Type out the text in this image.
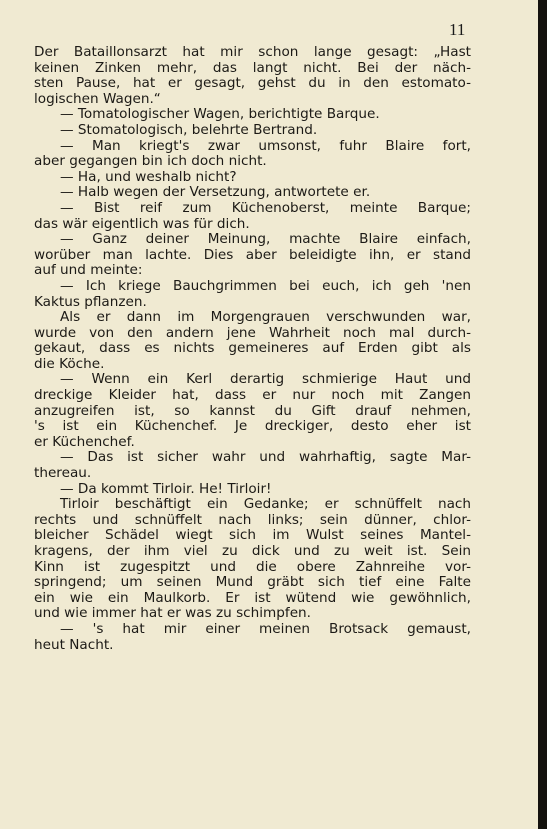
11
Der Bataillonsarzt hat mir schon lange gesagt: „Hast
keinen Zinken mehr, das langt nicht. Bei der näch-
sten Pause, hat er gesagt, gehst du in den estomato-
logischen Wagen.“
— Tomatologischer Wagen, berichtigte Barque.
— Stomatologisch, belehrte Bertrand.
— Man kriegt's zwar umsonst, fuhr Blaire fort,
aber gegangen bin ich doch nicht.
— Ha, und weshalb nicht?
— Halb wegen der Versetzung, antwortete er.
— Bist reif zum Küchenoberst, meinte Barque;
das wär eigentlich was für dich.
— Ganz deiner Meinung, machte Blaire einfach,
worüber man lachte. Dies aber beleidigte ihn, er stand
auf und meinte:
— Ich kriege Bauchgrimmen bei euch, ich geh 'nen
Kaktus pflanzen.
Als er dann im Morgengrauen verschwunden war,
wurde von den andern jene Wahrheit noch mal durch-
gekaut, dass es nichts gemeineres auf Erden gibt als
die Köche.
— Wenn ein Kerl derartig schmierige Haut und
dreckige Kleider hat, dass er nur noch mit Zangen
anzugreifen ist, so kannst du Gift drauf nehmen,
's ist ein Küchenchef. Je dreckiger, desto eher ist
er Küchenchef.
— Das ist sicher wahr und wahrhaftig, sagte Mar-
thereau.
— Da kommt Tirloir. He! Tirloir!
Tirloir beschäftigt ein Gedanke; er schnüffelt nach
rechts und schnüffelt nach links; sein dünner, chlor-
bleicher Schädel wiegt sich im Wulst seines Mantel-
kragens, der ihm viel zu dick und zu weit ist. Sein
Kinn ist zugespitzt und die obere Zahnreihe vor-
springend; um seinen Mund gräbt sich tief eine Falte
ein wie ein Maulkorb. Er ist wütend wie gewöhnlich,
und wie immer hat er was zu schimpfen.
— 's hat mir einer meinen Brotsack gemaust,
heut Nacht.
